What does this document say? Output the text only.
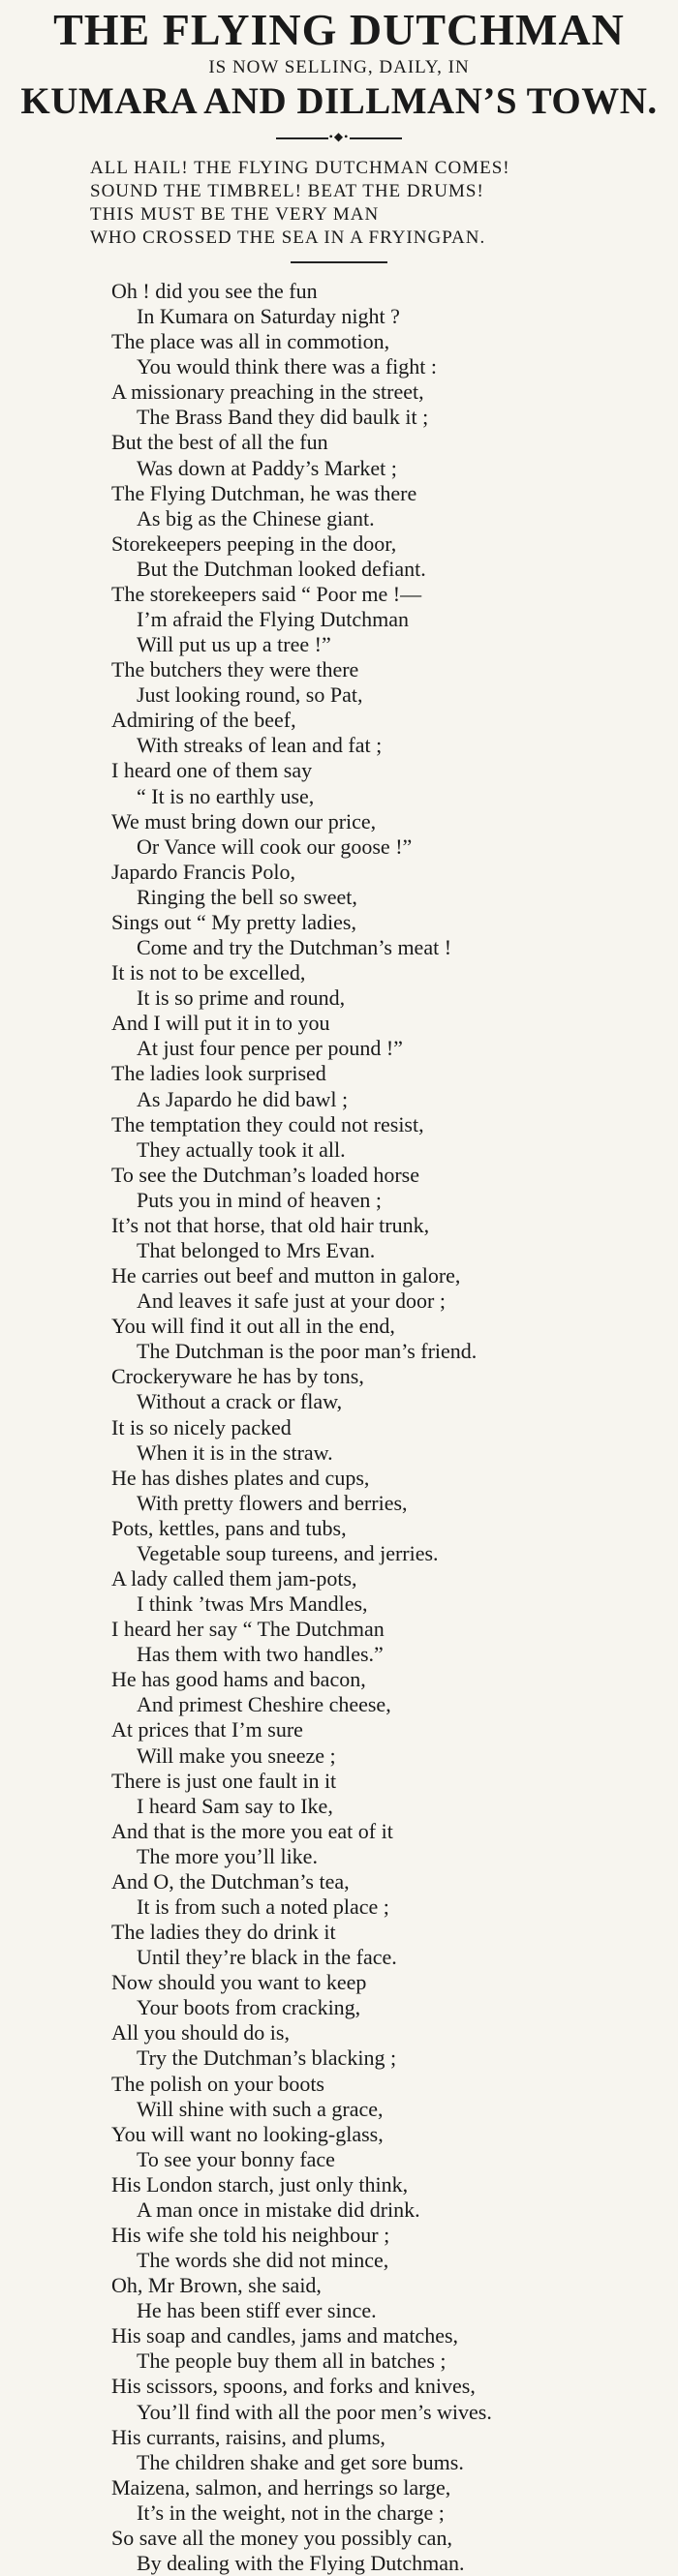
THE FLYING DUTCHMAN
IS NOW SELLING, DAILY, IN
KUMARA AND DILLMAN’S TOWN.
•◆•
ALL HAIL! THE FLYING DUTCHMAN COMES!
SOUND THE TIMBREL! BEAT THE DRUMS!
THIS MUST BE THE VERY MAN
WHO CROSSED THE SEA IN A FRYINGPAN.
Oh ! did you see the fun
In Kumara on Saturday night ?
The place was all in commotion,
You would think there was a fight :
A missionary preaching in the street,
The Brass Band they did baulk it ;
But the best of all the fun
Was down at Paddy’s Market ;
The Flying Dutchman, he was there
As big as the Chinese giant.
Storekeepers peeping in the door,
But the Dutchman looked defiant.
The storekeepers said “ Poor me !—
I’m afraid the Flying Dutchman
Will put us up a tree !”
The butchers they were there
Just looking round, so Pat,
Admiring of the beef,
With streaks of lean and fat ;
I heard one of them say
“ It is no earthly use,
We must bring down our price,
Or Vance will cook our goose !”
Japardo Francis Polo,
Ringing the bell so sweet,
Sings out “ My pretty ladies,
Come and try the Dutchman’s meat !
It is not to be excelled,
It is so prime and round,
And I will put it in to you
At just four pence per pound !”
The ladies look surprised
As Japardo he did bawl ;
The temptation they could not resist,
They actually took it all.
To see the Dutchman’s loaded horse
Puts you in mind of heaven ;
It’s not that horse, that old hair trunk,
That belonged to Mrs Evan.
He carries out beef and mutton in galore,
And leaves it safe just at your door ;
You will find it out all in the end,
The Dutchman is the poor man’s friend.
Crockeryware he has by tons,
Without a crack or flaw,
It is so nicely packed
When it is in the straw.
He has dishes plates and cups,
With pretty flowers and berries,
Pots, kettles, pans and tubs,
Vegetable soup tureens, and jerries.
A lady called them jam-pots,
I think ’twas Mrs Mandles,
I heard her say “ The Dutchman
Has them with two handles.”
He has good hams and bacon,
And primest Cheshire cheese,
At prices that I’m sure
Will make you sneeze ;
There is just one fault in it
I heard Sam say to Ike,
And that is the more you eat of it
The more you’ll like.
And O, the Dutchman’s tea,
It is from such a noted place ;
The ladies they do drink it
Until they’re black in the face.
Now should you want to keep
Your boots from cracking,
All you should do is,
Try the Dutchman’s blacking ;
The polish on your boots
Will shine with such a grace,
You will want no looking-glass,
To see your bonny face
His London starch, just only think,
A man once in mistake did drink.
His wife she told his neighbour ;
The words she did not mince,
Oh, Mr Brown, she said,
He has been stiff ever since.
His soap and candles, jams and matches,
The people buy them all in batches ;
His scissors, spoons, and forks and knives,
You’ll find with all the poor men’s wives.
His currants, raisins, and plums,
The children shake and get sore bums.
Maizena, salmon, and herrings so large,
It’s in the weight, not in the charge ;
So save all the money you possibly can,
By dealing with the Flying Dutchman.
